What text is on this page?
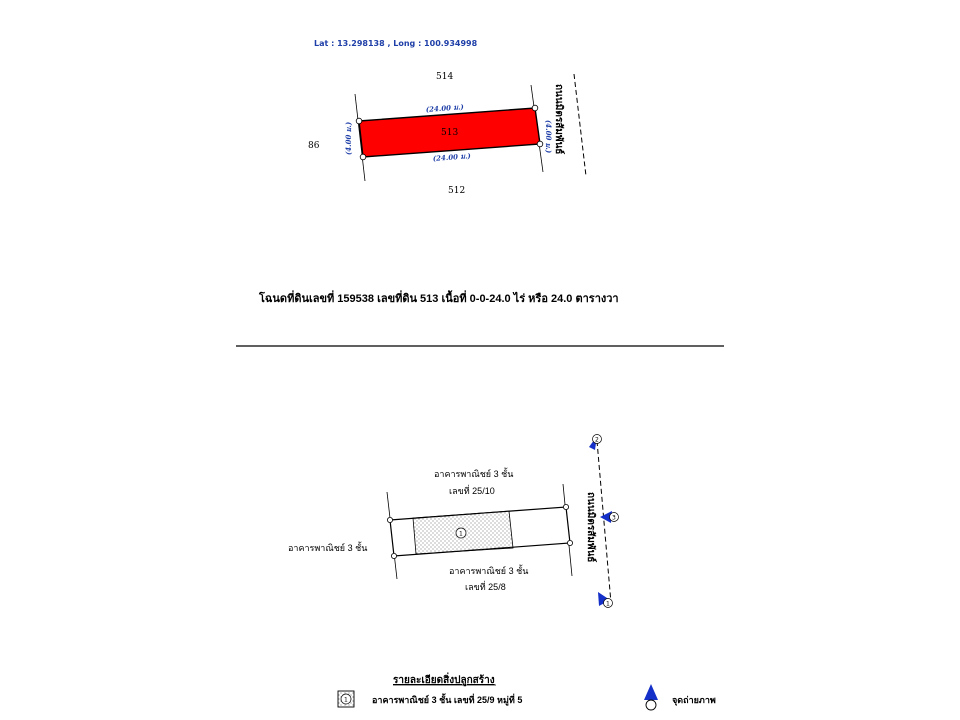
Lat : 13.298138 , Long : 100.934998
514
512
86
513
(24.00 ม.)
(24.00 ม.)
(4.00 ม.)	(4.00 ม.) ถนนมิตรสัมพันธ์
โฉนดที่ดินเลขที่ 159538 เลขที่ดิน 513 เนื้อที่ 0-0-24.0 ไร่ หรือ 24.0 ตารางวา
อาคารพาณิชย์ 3 ชั้น
เลขที่ 25/10
อาคารพาณิชย์ 3 ชั้น
เลขที่ 25/8
อาคารพาณิชย์ 3 ชั้น
1	ถนนมิตรสัมพันธ์
2
3
1
รายละเอียดสิ่งปลูกสร้าง
1	อาคารพาณิชย์ 3 ชั้น เลขที่ 25/9 หมู่ที่ 5	จุดถ่ายภาพ
